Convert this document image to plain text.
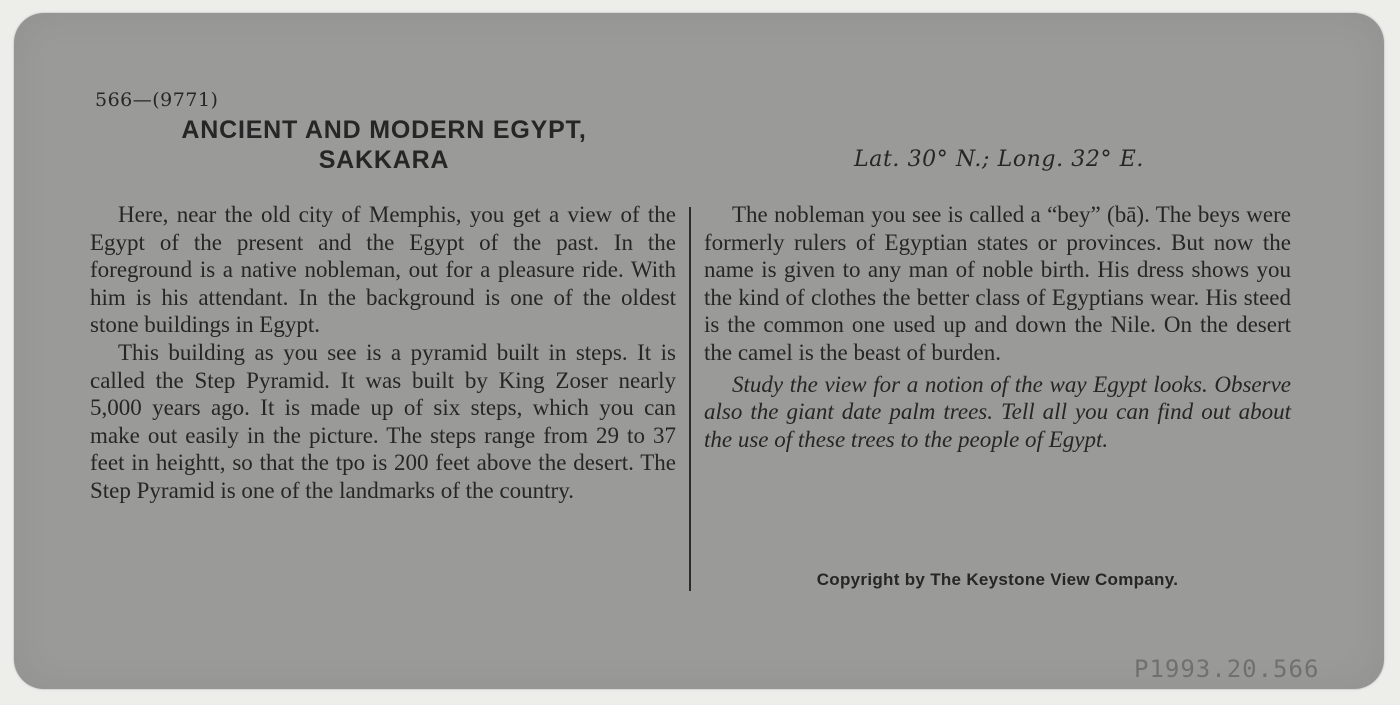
566—(9771)
ANCIENT AND MODERN EGYPT,
SAKKARA	Lat. 30° N.; Long. 32° E.

Here, near the old city of Memphis, you get a view of the Egypt of the present and the Egypt of the past. In the foreground is a native nobleman, out for a pleasure ride. With him is his attendant. In the background is one of the oldest stone buildings in Egypt.

This building as you see is a pyramid built in steps. It is called the Step Pyramid. It was built by King Zoser nearly 5,000 years ago. It is made up of six steps, which you can make out easily in the picture. The steps range from 29 to 37 feet in heightt, so that the tpo is 200 feet above the desert. The Step Pyramid is one of the landmarks of the country.

The nobleman you see is called a “bey” (bā). The beys were formerly rulers of Egyptian states or provinces. But now the name is given to any man of noble birth. His dress shows you the kind of clothes the better class of Egyptians wear. His steed is the common one used up and down the Nile. On the desert the camel is the beast of burden.

Study the view for a notion of the way Egypt looks. Observe also the giant date palm trees. Tell all you can find out about the use of these trees to the people of Egypt.

Copyright by The Keystone View Company.
P1993.20.566
